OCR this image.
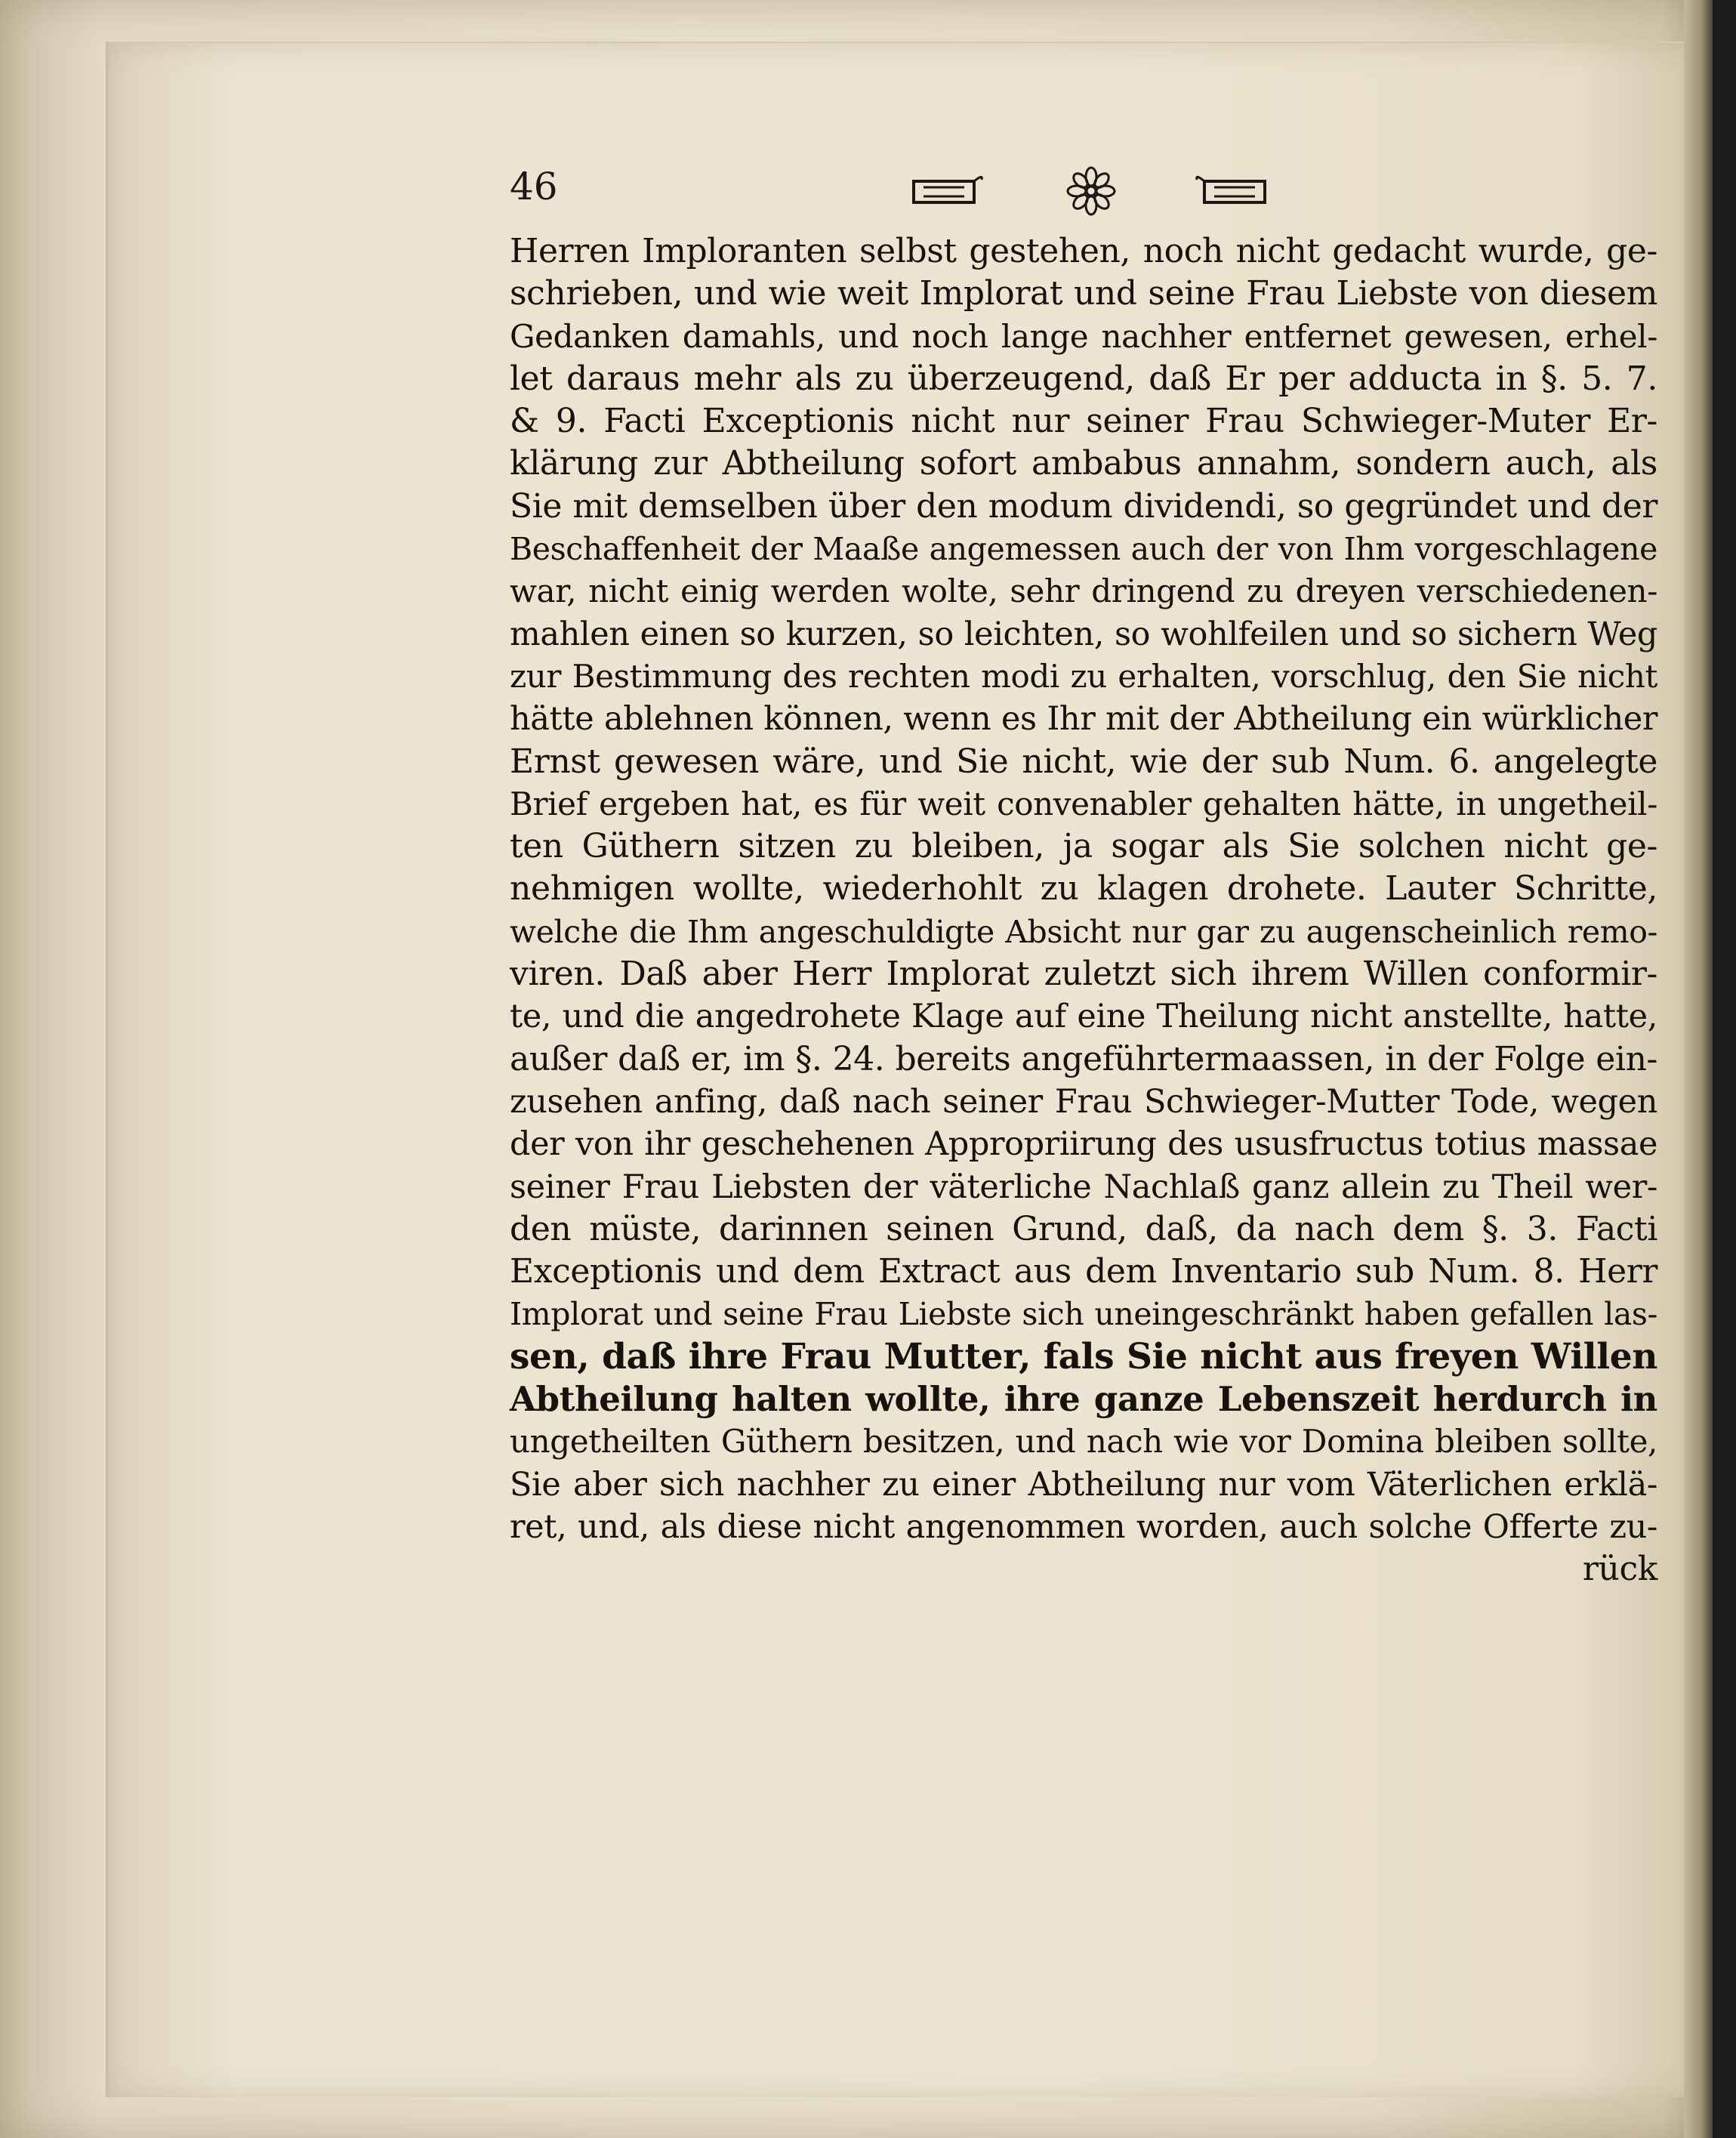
46
Herren Imploranten selbst gestehen, noch nicht gedacht wurde, ge-
schrieben, und wie weit Implorat und seine Frau Liebste von diesem
Gedanken damahls, und noch lange nachher entfernet gewesen, erhel-
let daraus mehr als zu überzeugend, daß Er per adducta in §. 5. 7.
& 9. Facti Exceptionis nicht nur seiner Frau Schwieger-Muter Er-
klärung zur Abtheilung sofort ambabus annahm, sondern auch, als
Sie mit demselben über den modum dividendi, so gegründet und der
Beschaffenheit der Maaße angemessen auch der von Ihm vorgeschlagene
war, nicht einig werden wolte, sehr dringend zu dreyen verschiedenen-
mahlen einen so kurzen, so leichten, so wohlfeilen und so sichern Weg
zur Bestimmung des rechten modi zu erhalten, vorschlug, den Sie nicht
hätte ablehnen können, wenn es Ihr mit der Abtheilung ein würklicher
Ernst gewesen wäre, und Sie nicht, wie der sub Num. 6. angelegte
Brief ergeben hat, es für weit convenabler gehalten hätte, in ungetheil-
ten Güthern sitzen zu bleiben, ja sogar als Sie solchen nicht ge-
nehmigen wollte, wiederhohlt zu klagen drohete. Lauter Schritte,
welche die Ihm angeschuldigte Absicht nur gar zu augenscheinlich remo-
viren. Daß aber Herr Implorat zuletzt sich ihrem Willen conformir-
te, und die angedrohete Klage auf eine Theilung nicht anstellte, hatte,
außer daß er, im §. 24. bereits angeführtermaassen, in der Folge ein-
zusehen anfing, daß nach seiner Frau Schwieger-Mutter Tode, wegen
der von ihr geschehenen Appropriirung des ususfructus totius massae
seiner Frau Liebsten der väterliche Nachlaß ganz allein zu Theil wer-
den müste, darinnen seinen Grund, daß, da nach dem §. 3. Facti
Exceptionis und dem Extract aus dem Inventario sub Num. 8. Herr
Implorat und seine Frau Liebste sich uneingeschränkt haben gefallen las-
sen, daß ihre Frau Mutter, fals Sie nicht aus freyen Willen
Abtheilung halten wollte, ihre ganze Lebenszeit herdurch in
ungetheilten Güthern besitzen, und nach wie vor Domina bleiben sollte,
Sie aber sich nachher zu einer Abtheilung nur vom Väterlichen erklä-
ret, und, als diese nicht angenommen worden, auch solche Offerte zu-
rück
